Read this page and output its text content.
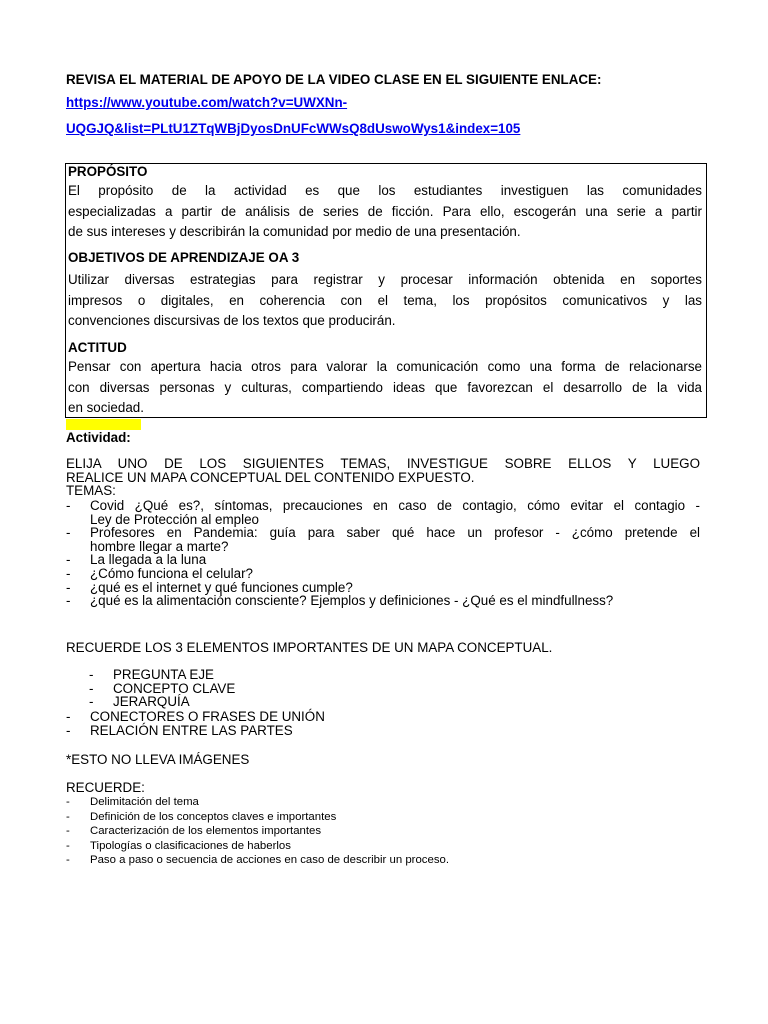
REVISA EL MATERIAL DE APOYO DE LA VIDEO CLASE EN EL SIGUIENTE ENLACE:
https://www.youtube.com/watch?v=UWXNn-
UQGJQ&list=PLtU1ZTqWBjDyosDnUFcWWsQ8dUswoWys1&index=105
PROPÓSITO
El propósito de la actividad es que los estudiantes investiguen las comunidades
especializadas a partir de análisis de series de ficción. Para ello, escogerán una serie a partir
de sus intereses y describirán la comunidad por medio de una presentación.
OBJETIVOS DE APRENDIZAJE OA 3
Utilizar diversas estrategias para registrar y procesar información obtenida en soportes
impresos o digitales, en coherencia con el tema, los propósitos comunicativos y las
convenciones discursivas de los textos que producirán.
ACTITUD
Pensar con apertura hacia otros para valorar la comunicación como una forma de relacionarse
con diversas personas y culturas, compartiendo ideas que favorezcan el desarrollo de la vida
en sociedad.
Actividad:
ELIJA UNO DE LOS SIGUIENTES TEMAS, INVESTIGUE SOBRE ELLOS Y LUEGO
REALICE UN MAPA CONCEPTUAL DEL CONTENIDO EXPUESTO.
TEMAS:
- Covid ¿Qué es?, síntomas, precauciones en caso de contagio, cómo evitar el contagio -
Ley de Protección al empleo
- Profesores en Pandemia: guía para saber qué hace un profesor - ¿cómo pretende el
hombre llegar a marte?
- La llegada a la luna
- ¿Cómo funciona el celular?
- ¿qué es el internet y qué funciones cumple?
- ¿qué es la alimentación consciente? Ejemplos y definiciones - ¿Qué es el mindfullness?
RECUERDE LOS 3 ELEMENTOS IMPORTANTES DE UN MAPA CONCEPTUAL.
- PREGUNTA EJE
- CONCEPTO CLAVE
- JERARQUÍA
- CONECTORES O FRASES DE UNIÓN
- RELACIÓN ENTRE LAS PARTES
*ESTO NO LLEVA IMÁGENES
RECUERDE:
- Delimitación del tema
- Definición de los conceptos claves e importantes
- Caracterización de los elementos importantes
- Tipologías o clasificaciones de haberlos
- Paso a paso o secuencia de acciones en caso de describir un proceso.
